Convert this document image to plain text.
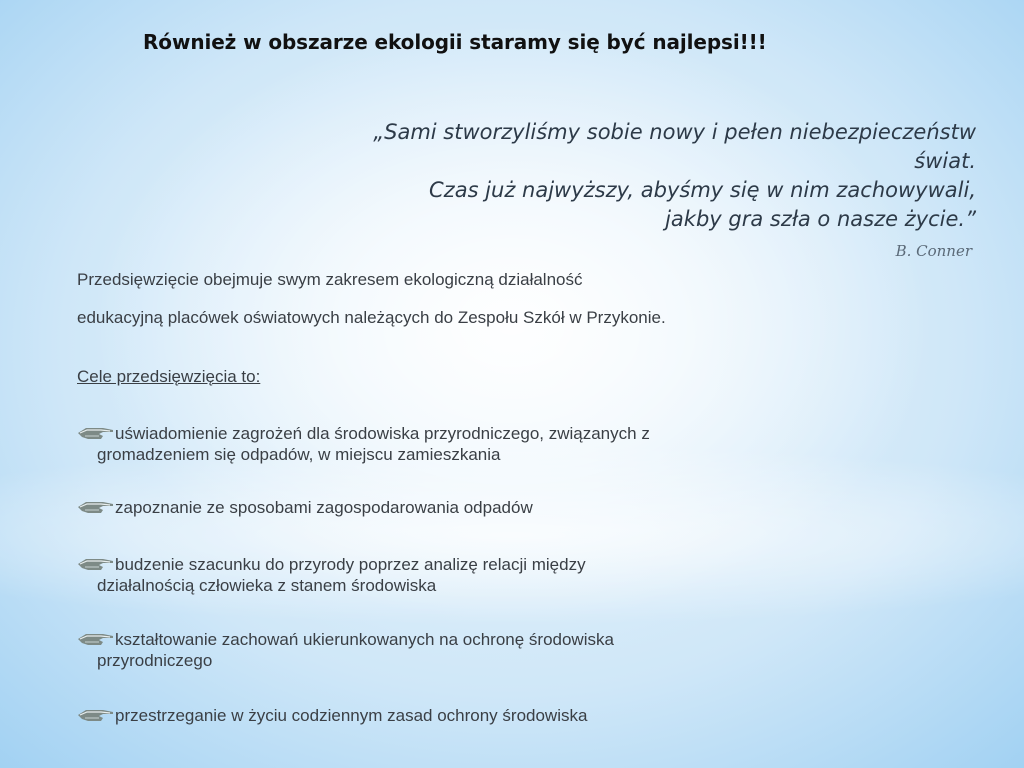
Również w obszarze ekologii staramy się być najlepsi!!!
„Sami stworzyliśmy sobie nowy i pełen niebezpieczeństw
świat.
Czas już najwyższy, abyśmy się w nim zachowywali,
jakby gra szła o nasze życie.”
B. Conner
Przedsięwzięcie obejmuje swym zakresem ekologiczną działalność
edukacyjną placówek oświatowych należących do Zespołu Szkół w Przykonie.
Cele przedsięwzięcia to:
uświadomienie zagrożeń dla środowiska przyrodniczego, związanych z
gromadzeniem się odpadów, w miejscu zamieszkania
zapoznanie ze sposobami zagospodarowania odpadów
budzenie szacunku do przyrody poprzez analizę relacji między
działalnością człowieka z stanem środowiska
kształtowanie zachowań ukierunkowanych na ochronę środowiska
przyrodniczego
przestrzeganie w życiu codziennym zasad ochrony środowiska
